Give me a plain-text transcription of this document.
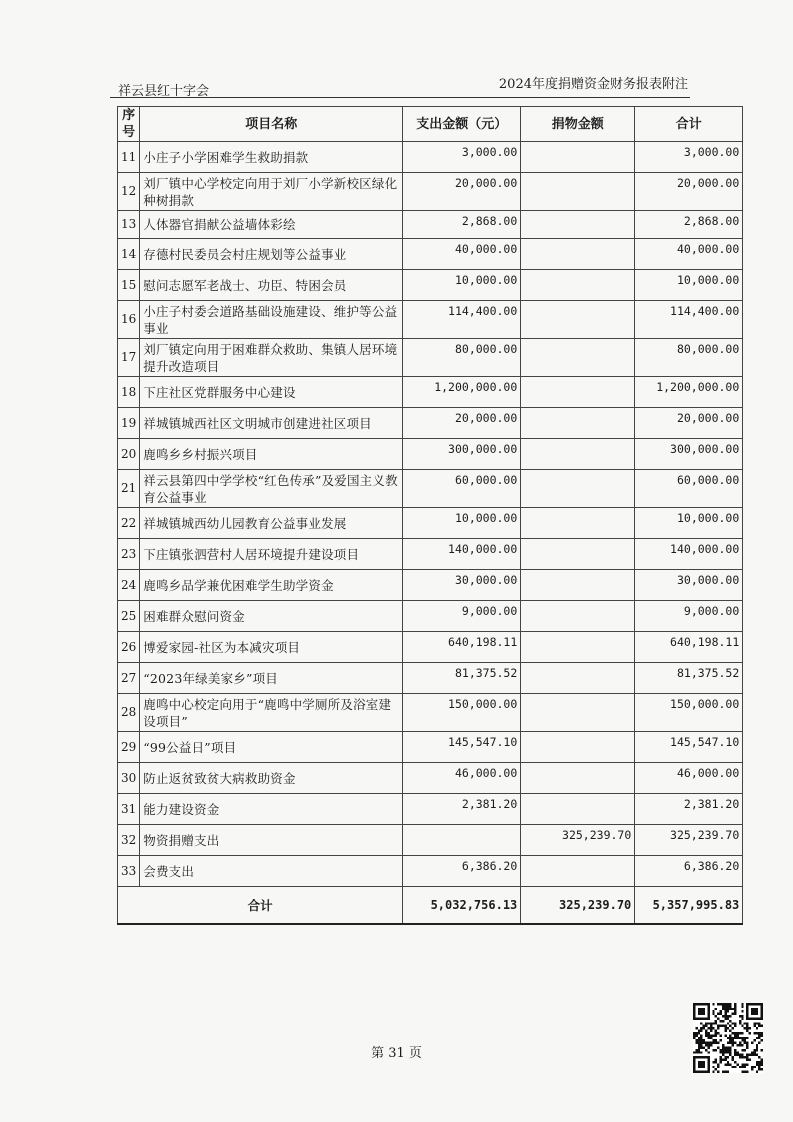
祥云县红十字会	2024年度捐赠资金财务报表附注
序号	项目名称	支出金额（元）	捐物金额	合计
11	小庄子小学困难学生救助捐款	3,000.00		3,000.00
12	刘厂镇中心学校定向用于刘厂小学新校区绿化种树捐款	20,000.00		20,000.00
13	人体器官捐献公益墙体彩绘	2,868.00		2,868.00
14	存德村民委员会村庄规划等公益事业	40,000.00		40,000.00
15	慰问志愿军老战士、功臣、特困会员	10,000.00		10,000.00
16	小庄子村委会道路基础设施建设、维护等公益事业	114,400.00		114,400.00
17	刘厂镇定向用于困难群众救助、集镇人居环境提升改造项目	80,000.00		80,000.00
18	下庄社区党群服务中心建设	1,200,000.00		1,200,000.00
19	祥城镇城西社区文明城市创建进社区项目	20,000.00		20,000.00
20	鹿鸣乡乡村振兴项目	300,000.00		300,000.00
21	祥云县第四中学学校“红色传承”及爱国主义教育公益事业	60,000.00		60,000.00
22	祥城镇城西幼儿园教育公益事业发展	10,000.00		10,000.00
23	下庄镇张泗营村人居环境提升建设项目	140,000.00		140,000.00
24	鹿鸣乡品学兼优困难学生助学资金	30,000.00		30,000.00
25	困难群众慰问资金	9,000.00		9,000.00
26	博爱家园-社区为本减灾项目	640,198.11		640,198.11
27	“2023年绿美家乡”项目	81,375.52		81,375.52
28	鹿鸣中心校定向用于“鹿鸣中学厕所及浴室建设项目”	150,000.00		150,000.00
29	“99公益日”项目	145,547.10		145,547.10
30	防止返贫致贫大病救助资金	46,000.00		46,000.00
31	能力建设资金	2,381.20		2,381.20
32	物资捐赠支出		325,239.70	325,239.70
33	会费支出	6,386.20		6,386.20
合计		5,032,756.13	325,239.70	5,357,995.83
第 31 页
